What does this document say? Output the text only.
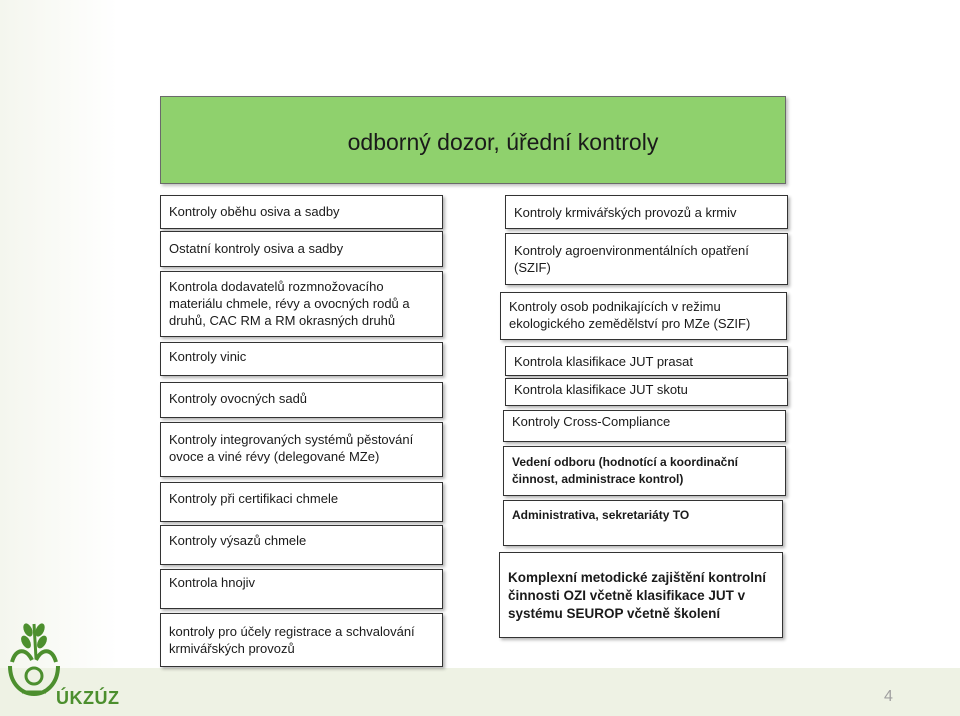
odborný dozor, úřední kontroly
Kontroly oběhu osiva a sadby
Ostatní kontroly osiva a sadby
Kontrola dodavatelů rozmnožovacího materiálu chmele, révy a ovocných rodů a druhů, CAC RM a RM okrasných druhů
Kontroly vinic
Kontroly ovocných sadů
Kontroly integrovaných systémů pěstování ovoce a viné révy (delegované MZe)
Kontroly při certifikaci chmele
Kontroly výsazů chmele
Kontrola hnojiv
kontroly pro účely registrace a schvalování krmivářských provozů
Kontroly krmivářských provozů a krmiv
Kontroly agroenvironmentálních opatření (SZIF)
Kontroly osob podnikajících v režimu ekologického zemědělství pro MZe (SZIF)
Kontrola klasifikace JUT prasat
Kontrola klasifikace JUT skotu
Kontroly Cross-Compliance
Vedení odboru (hodnotící a koordinační činnost, administrace kontrol)
Administrativa, sekretariáty TO
Komplexní metodické zajištění kontrolní činnosti OZI včetně klasifikace JUT v systému SEUROP včetně školení
ÚKZÚZ	4
